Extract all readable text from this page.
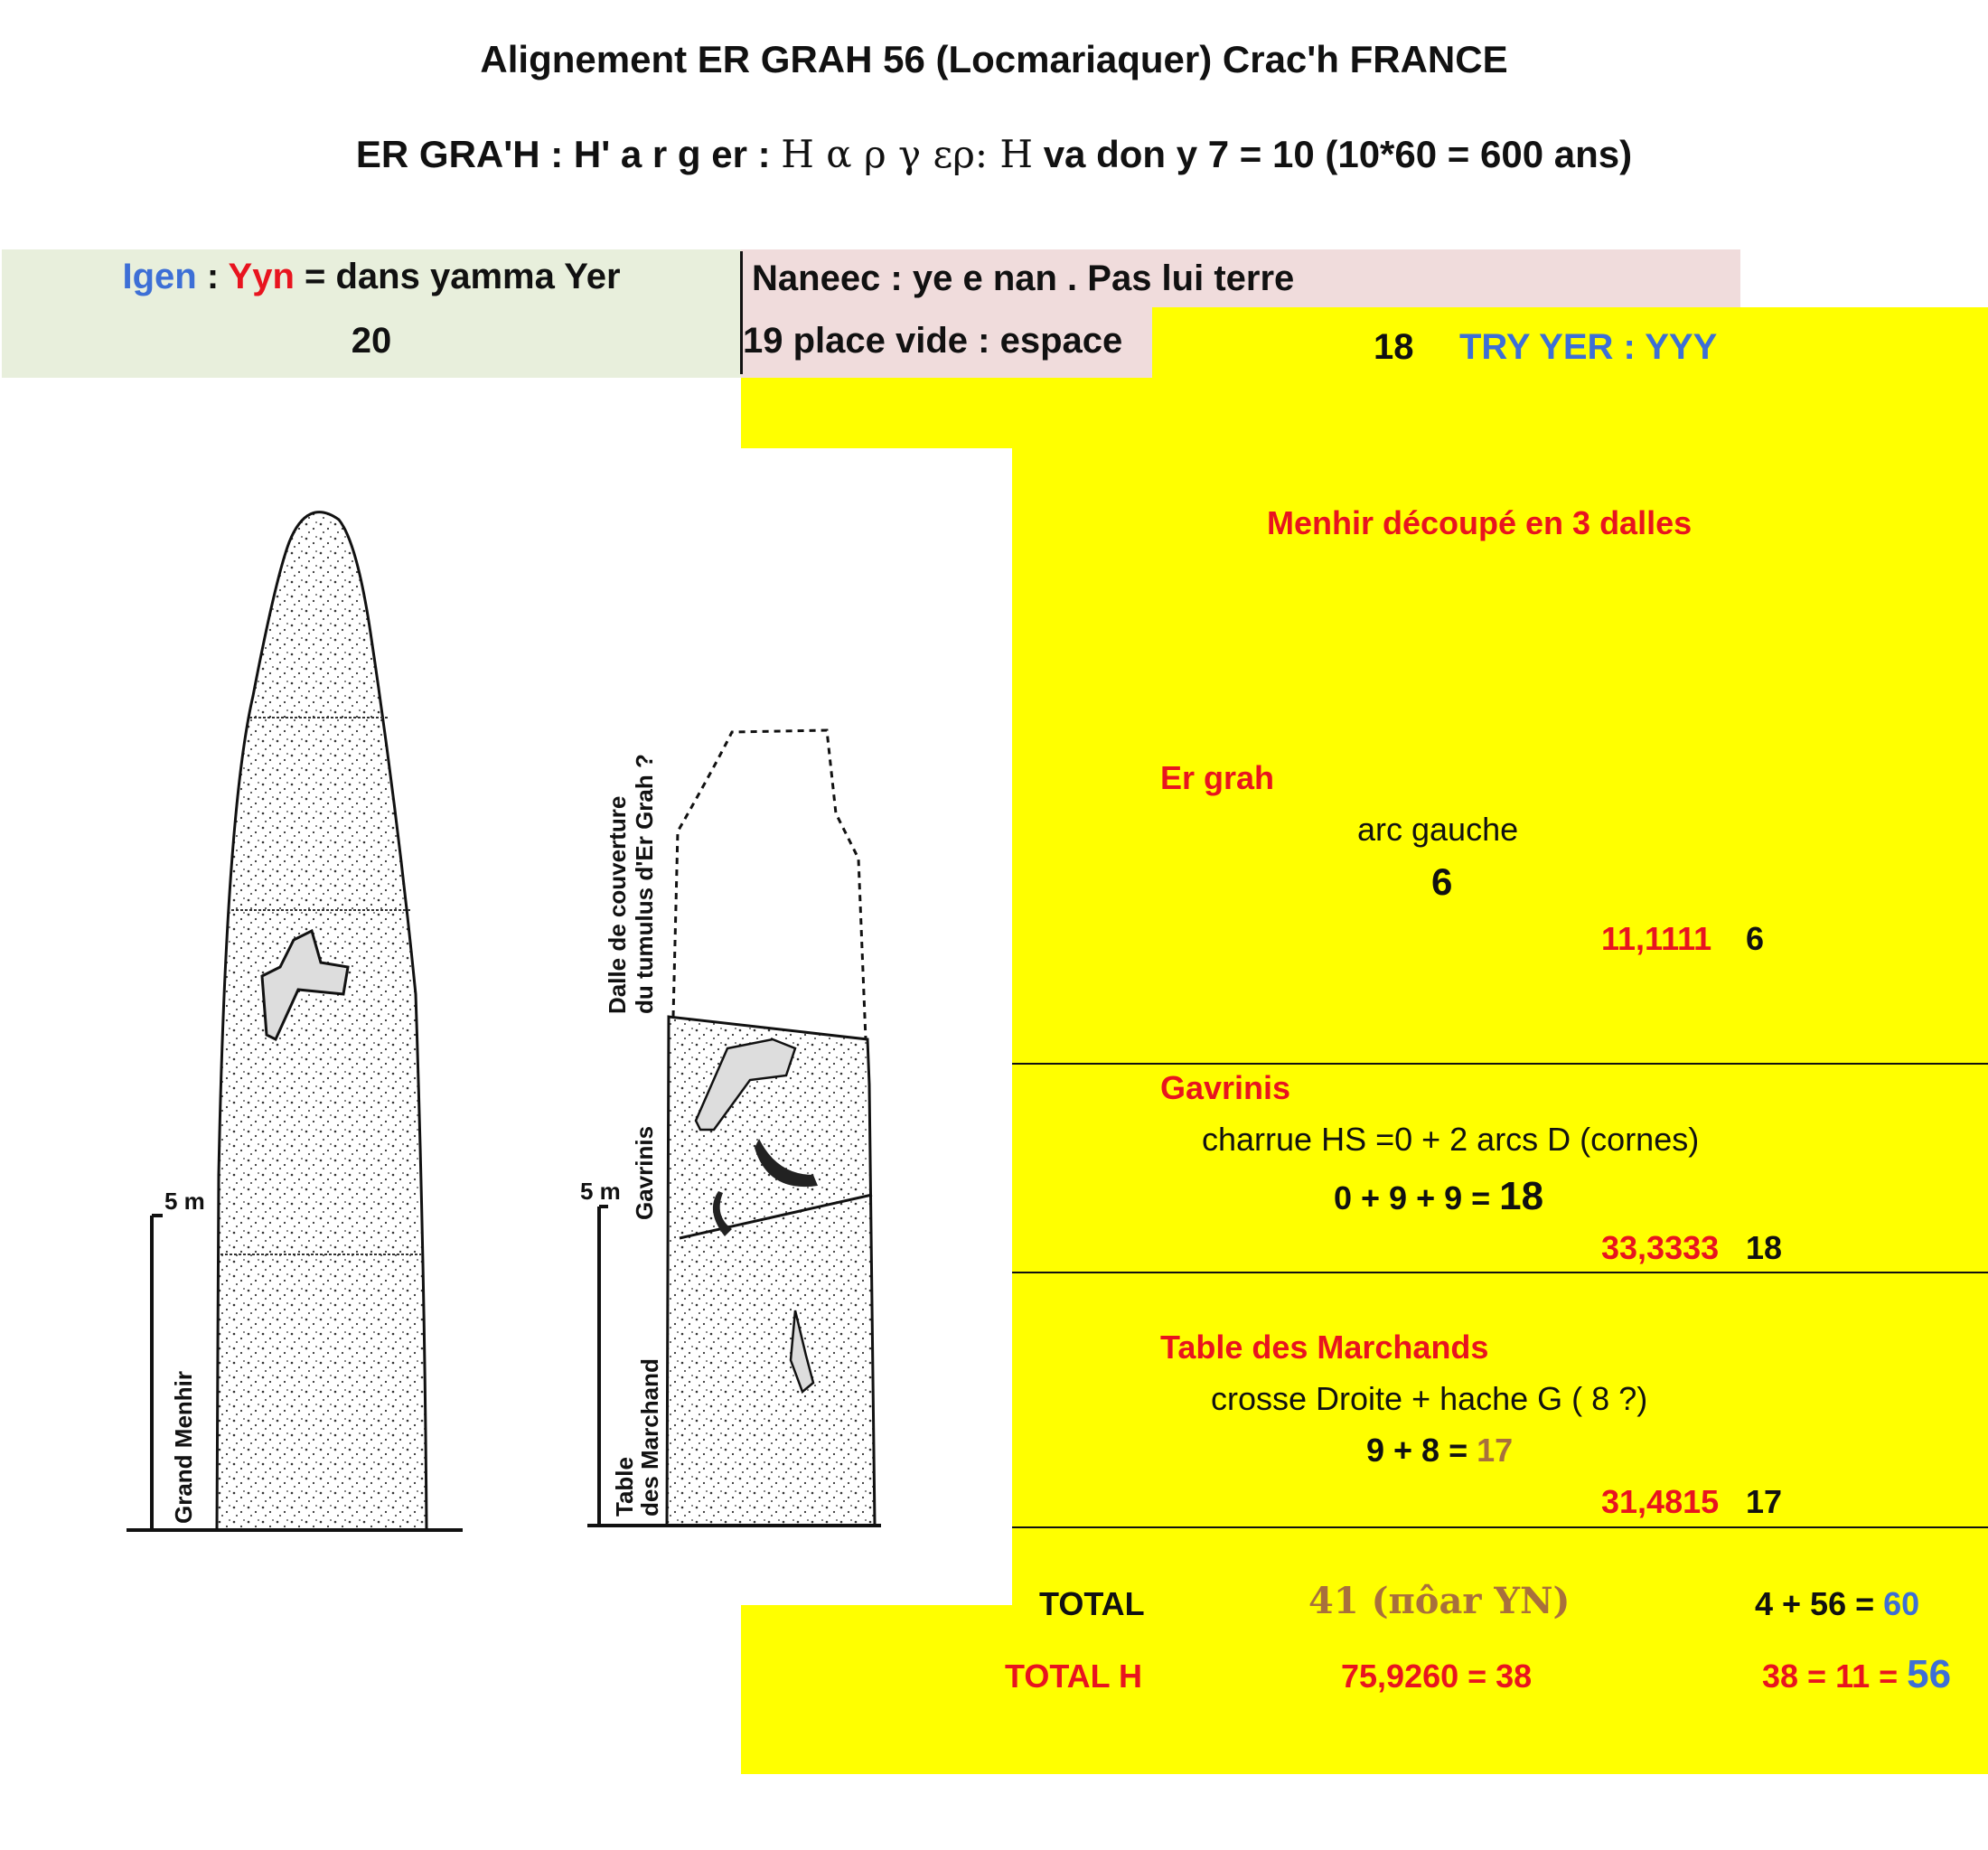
Alignement ER GRAH 56 (Locmariaquer) Crac'h FRANCE
ER GRA'H : H' a r g er : Η α ρ γ ερ: Η va don y 7 = 10 (10*60 = 600 ans)
Igen : Yyn = dans yamma Yer
20
Naneec : ye e nan . Pas lui terre
19 place vide : espace	18 TRY YER : YYY
5 m	5 m
Grand Menhir
Dalle de couverture du tumulus d'Er Grah ?
Gavrinis
Table
des Marchand
Menhir découpé en 3 dalles
Er grah
arc gauche
6
11,1111 6
Gavrinis
charrue HS =0 + 2 arcs D (cornes)
0 + 9 + 9 = 18
33,3333 18
Table des Marchands
crosse Droite + hache G ( 8 ?)
9 + 8 = 17
31,4815 17
TOTAL	41 (πôar YN)	4 + 56 = 60
TOTAL H	75,9260 = 38	38 = 11 = 56
